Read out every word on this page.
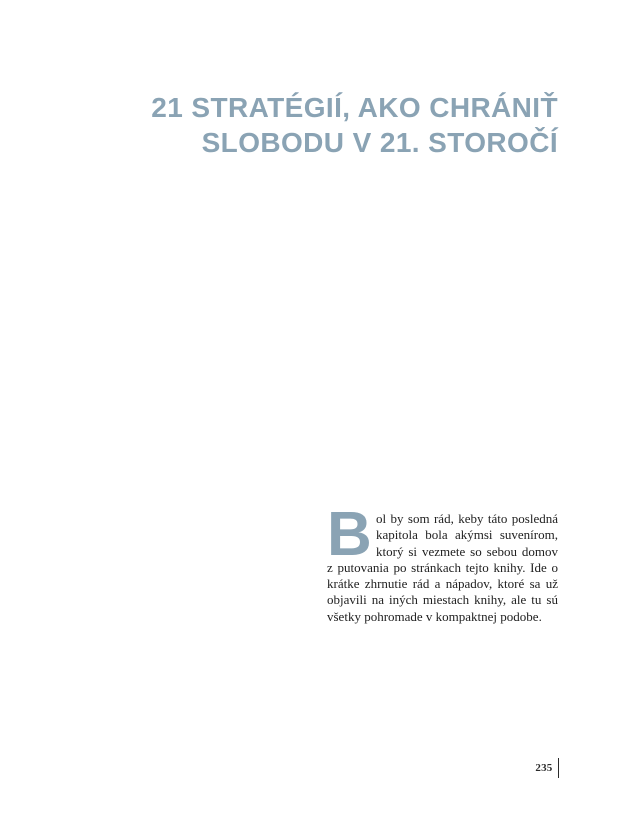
21 STRATÉGIÍ, AKO CHRÁNIŤ
SLOBODU V 21. STOROČÍ

Bol by som rád, keby táto posledná kapitola bola akýmsi suvenírom, ktorý si vezmete so sebou domov z putovania po stránkach tejto knihy. Ide o krátke zhrnutie rád a nápadov, ktoré sa už objavili na iných miestach knihy, ale tu sú všetky pohromade v kompaktnej podobe.

235
